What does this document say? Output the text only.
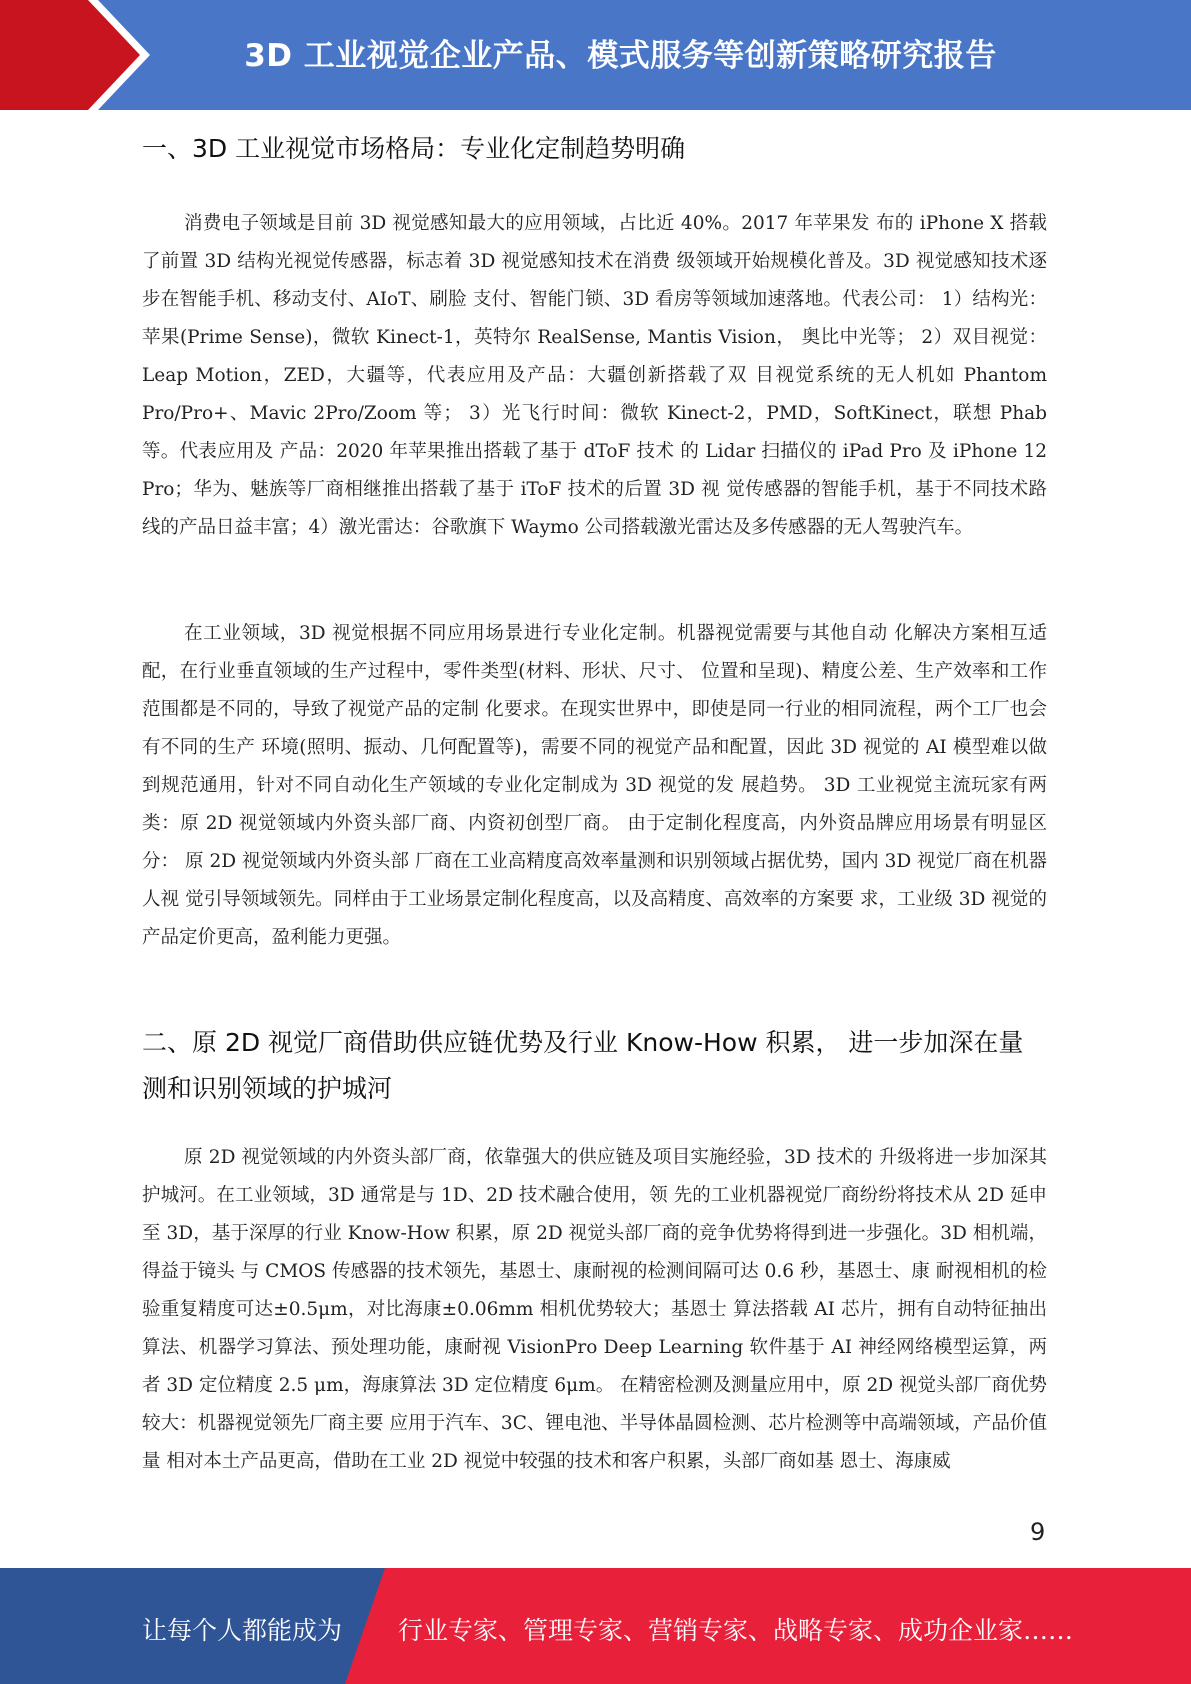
3D 工业视觉企业产品、模式服务等创新策略研究报告
一、3D 工业视觉市场格局：专业化定制趋势明确

消费电子领域是目前 3D 视觉感知最大的应用领域，占比近 40%。2017 年苹果发 布的 iPhone X 搭载了前置 3D 结构光视觉传感器，标志着 3D 视觉感知技术在消费 级领域开始规模化普及。3D 视觉感知技术逐步在智能手机、移动支付、AIoT、刷脸 支付、智能门锁、3D 看房等领域加速落地。代表公司： 1）结构光：苹果(Prime Sense)，微软 Kinect-1，英特尔 RealSense, Mantis Vision， 奥比中光等； 2）双目视觉：Leap Motion，ZED，大疆等，代表应用及产品：大疆创新搭载了双 目视觉系统的无人机如 Phantom Pro/Pro+、Mavic 2Pro/Zoom 等； 3）光飞行时间：微软 Kinect-2，PMD，SoftKinect，联想 Phab 等。代表应用及 产品：2020 年苹果推出搭载了基于 dToF 技术 的 Lidar 扫描仪的 iPad Pro 及 iPhone 12 Pro；华为、魅族等厂商相继推出搭载了基于 iToF 技术的后置 3D 视 觉传感器的智能手机，基于不同技术路线的产品日益丰富；4）激光雷达：谷歌旗下 Waymo 公司搭载激光雷达及多传感器的无人驾驶汽车。

在工业领域，3D 视觉根据不同应用场景进行专业化定制。机器视觉需要与其他自动 化解决方案相互适配，在行业垂直领域的生产过程中，零件类型(材料、形状、尺寸、 位置和呈现)、精度公差、生产效率和工作范围都是不同的，导致了视觉产品的定制 化要求。在现实世界中，即使是同一行业的相同流程，两个工厂也会有不同的生产 环境(照明、振动、几何配置等)，需要不同的视觉产品和配置，因此 3D 视觉的 AI 模型难以做到规范通用，针对不同自动化生产领域的专业化定制成为 3D 视觉的发 展趋势。 3D 工业视觉主流玩家有两类：原 2D 视觉领域内外资头部厂商、内资初创型厂商。 由于定制化程度高，内外资品牌应用场景有明显区分： 原 2D 视觉领域内外资头部 厂商在工业高精度高效率量测和识别领域占据优势，国内 3D 视觉厂商在机器人视 觉引导领域领先。同样由于工业场景定制化程度高，以及高精度、高效率的方案要 求，工业级 3D 视觉的产品定价更高，盈利能力更强。

二、原 2D 视觉厂商借助供应链优势及行业 Know-How 积累， 进一步加深在量测和识别领域的护城河

原 2D 视觉领域的内外资头部厂商，依靠强大的供应链及项目实施经验，3D 技术的 升级将进一步加深其护城河。在工业领域，3D 通常是与 1D、2D 技术融合使用，领 先的工业机器视觉厂商纷纷将技术从 2D 延申至 3D，基于深厚的行业 Know-How 积累，原 2D 视觉头部厂商的竞争优势将得到进一步强化。3D 相机端，得益于镜头 与 CMOS 传感器的技术领先，基恩士、康耐视的检测间隔可达 0.6 秒，基恩士、康 耐视相机的检验重复精度可达±0.5μm，对比海康±0.06mm 相机优势较大；基恩士 算法搭载 AI 芯片，拥有自动特征抽出算法、机器学习算法、预处理功能，康耐视 VisionPro Deep Learning 软件基于 AI 神经网络模型运算，两者 3D 定位精度 2.5 μm，海康算法 3D 定位精度 6μm。 在精密检测及测量应用中，原 2D 视觉头部厂商优势较大：机器视觉领先厂商主要 应用于汽车、3C、锂电池、半导体晶圆检测、芯片检测等中高端领域，产品价值量 相对本土产品更高，借助在工业 2D 视觉中较强的技术和客户积累，头部厂商如基 恩士、海康威

9
让每个人都能成为 行业专家、管理专家、营销专家、战略专家、成功企业家……
